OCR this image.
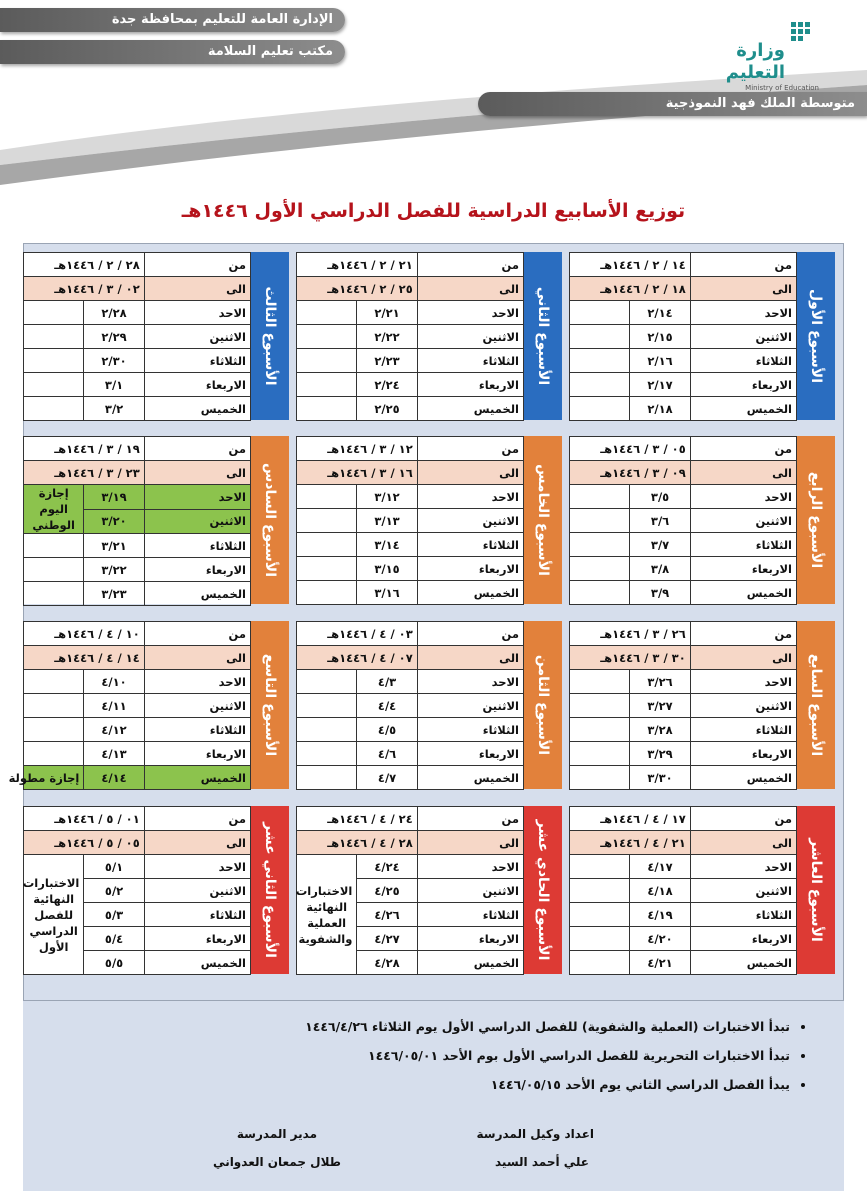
الإدارة العامة للتعليم بمحافظة جدة
مكتب تعليم السلامة
متوسطة الملك فهد النموذجية
وزارة التعليم
Ministry of Education
توزيع الأسابيع الدراسية للفصل الدراسي الأول ١٤٤٦هـ
الأسبوع الأول
من	١٤ / ٢ / ١٤٤٦هـ	
الى	١٨ / ٢ / ١٤٤٦هـ	
الاحد	٢/١٤	
الاثنين	٢/١٥	
الثلاثاء	٢/١٦	
الاربعاء	٢/١٧	
الخميس	٢/١٨	
الأسبوع الثاني
من	٢١ / ٢ / ١٤٤٦هـ	
الى	٢٥ / ٢ / ١٤٤٦هـ	
الاحد	٢/٢١	
الاثنين	٢/٢٢	
الثلاثاء	٢/٢٣	
الاربعاء	٢/٢٤	
الخميس	٢/٢٥	
الأسبوع الثالث
من	٢٨ / ٢ / ١٤٤٦هـ	
الى	٠٢ / ٣ / ١٤٤٦هـ	
الاحد	٢/٢٨	
الاثنين	٢/٢٩	
الثلاثاء	٢/٣٠	
الاربعاء	٣/١	
الخميس	٣/٢	
الأسبوع الرابع
من	٠٥ / ٣ / ١٤٤٦هـ	
الى	٠٩ / ٣ / ١٤٤٦هـ	
الاحد	٣/٥	
الاثنين	٣/٦	
الثلاثاء	٣/٧	
الاربعاء	٣/٨	
الخميس	٣/٩	
الأسبوع الخامس
من	١٢ / ٣ / ١٤٤٦هـ	
الى	١٦ / ٣ / ١٤٤٦هـ	
الاحد	٣/١٢	
الاثنين	٣/١٣	
الثلاثاء	٣/١٤	
الاربعاء	٣/١٥	
الخميس	٣/١٦	
الأسبوع السادس
من	١٩ / ٣ / ١٤٤٦هـ	
الى	٢٣ / ٣ / ١٤٤٦هـ	
الاحد	٣/١٩	إجازة اليوم الوطني
الاثنين	٣/٢٠	
الثلاثاء	٣/٢١	
الاربعاء	٣/٢٢	
الخميس	٣/٢٣	
الأسبوع السابع
من	٢٦ / ٣ / ١٤٤٦هـ	
الى	٣٠ / ٣ / ١٤٤٦هـ	
الاحد	٣/٢٦	
الاثنين	٣/٢٧	
الثلاثاء	٣/٢٨	
الاربعاء	٣/٢٩	
الخميس	٣/٣٠	
الأسبوع الثامن
من	٠٣ / ٤ / ١٤٤٦هـ	
الى	٠٧ / ٤ / ١٤٤٦هـ	
الاحد	٤/٣	
الاثنين	٤/٤	
الثلاثاء	٤/٥	
الاربعاء	٤/٦	
الخميس	٤/٧	
الأسبوع التاسع
من	١٠ / ٤ / ١٤٤٦هـ	
الى	١٤ / ٤ / ١٤٤٦هـ	
الاحد	٤/١٠	
الاثنين	٤/١١	
الثلاثاء	٤/١٢	
الاربعاء	٤/١٣	
الخميس	٤/١٤	إجازة مطولة
الأسبوع العاشر
من	١٧ / ٤ / ١٤٤٦هـ	
الى	٢١ / ٤ / ١٤٤٦هـ	
الاحد	٤/١٧	
الاثنين	٤/١٨	
الثلاثاء	٤/١٩	
الاربعاء	٤/٢٠	
الخميس	٤/٢١	
الأسبوع الحادي عشر
من	٢٤ / ٤ / ١٤٤٦هـ	
الى	٢٨ / ٤ / ١٤٤٦هـ	
الاحد	٤/٢٤	الاختبارات النهائية العملية والشفوية
الاثنين	٤/٢٥	
الثلاثاء	٤/٢٦	
الاربعاء	٤/٢٧	
الخميس	٤/٢٨	
الأسبوع الثاني عشر
من	٠١ / ٥ / ١٤٤٦هـ	
الى	٠٥ / ٥ / ١٤٤٦هـ	
الاحد	٥/١	الاختبارات النهائية للفصل الدراسي الأول
الاثنين	٥/٢	
الثلاثاء	٥/٣	
الاربعاء	٥/٤	
الخميس	٥/٥	
• تبدأ الاختبارات (العملية والشفوية) للفصل الدراسي الأول يوم الثلاثاء ١٤٤٦/٤/٢٦
• تبدأ الاختبارات التحريرية للفصل الدراسي الأول بوم الأحد ١٤٤٦/٠٥/٠١
• يبدأ الفصل الدراسي الثاني يوم الأحد ١٤٤٦/٠٥/١٥
اعداد وكيل المدرسة
علي أحمد السيد
مدير المدرسة
طلال جمعان العدواني
